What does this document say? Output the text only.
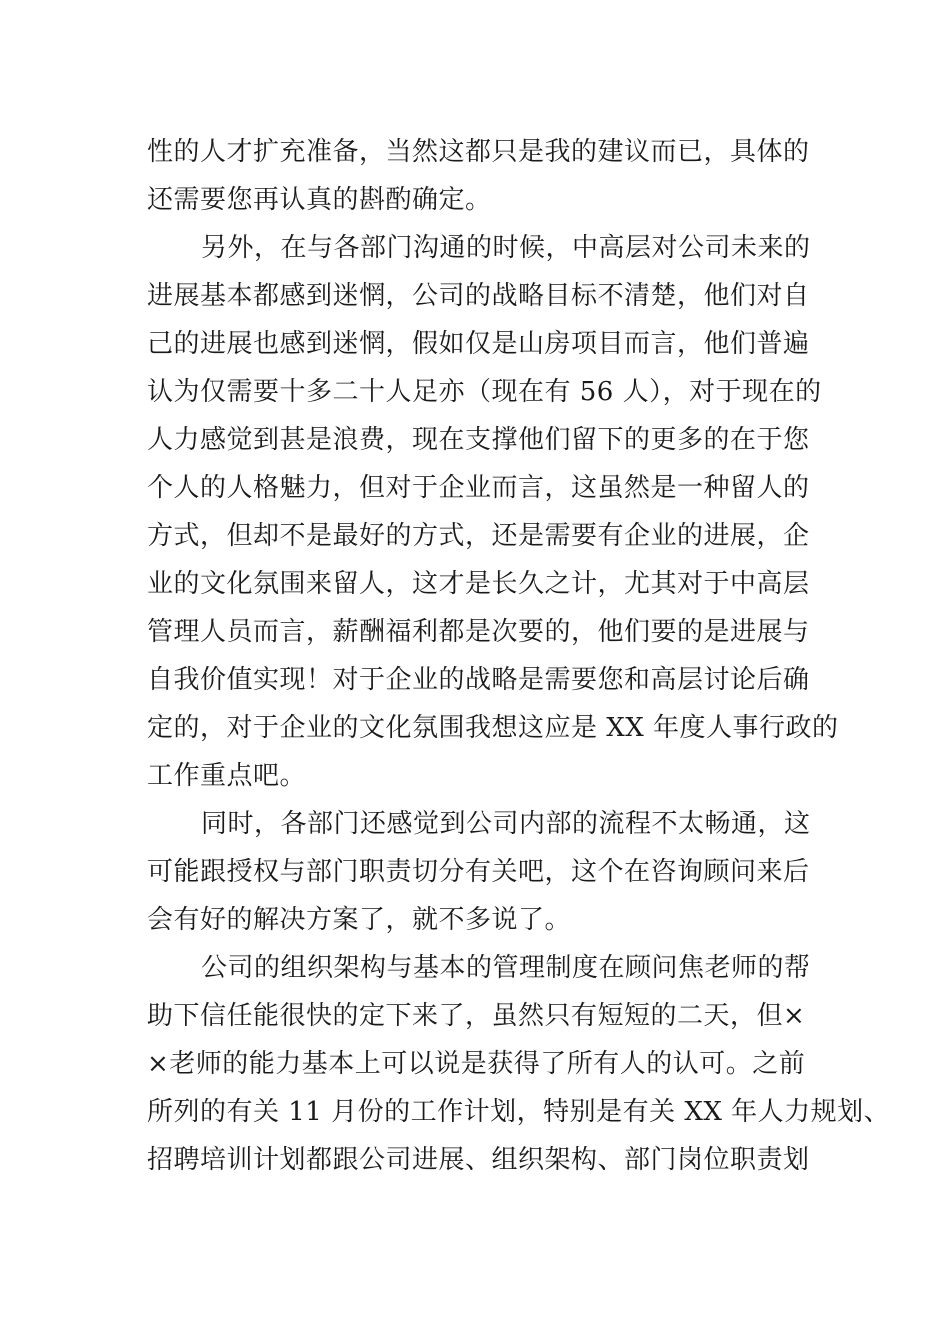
性的人才扩充准备，当然这都只是我的建议而已，具体的
还需要您再认真的斟酌确定。
另外，在与各部门沟通的时候，中高层对公司未来的
进展基本都感到迷惘，公司的战略目标不清楚，他们对自
己的进展也感到迷惘，假如仅是山房项目而言，他们普遍
认为仅需要十多二十人足亦（现在有 56 人），对于现在的
人力感觉到甚是浪费，现在支撑他们留下的更多的在于您
个人的人格魅力，但对于企业而言，这虽然是一种留人的
方式，但却不是最好的方式，还是需要有企业的进展，企
业的文化氛围来留人，这才是长久之计，尤其对于中高层
管理人员而言，薪酬福利都是次要的，他们要的是进展与
自我价值实现！对于企业的战略是需要您和高层讨论后确
定的，对于企业的文化氛围我想这应是 XX 年度人事行政的
工作重点吧。
同时，各部门还感觉到公司内部的流程不太畅通，这
可能跟授权与部门职责切分有关吧，这个在咨询顾问来后
会有好的解决方案了，就不多说了。
公司的组织架构与基本的管理制度在顾问焦老师的帮
助下信任能很快的定下来了，虽然只有短短的二天，但×
×老师的能力基本上可以说是获得了所有人的认可。之前
所列的有关 11 月份的工作计划，特别是有关 XX 年人力规划、
招聘培训计划都跟公司进展、组织架构、部门岗位职责划
